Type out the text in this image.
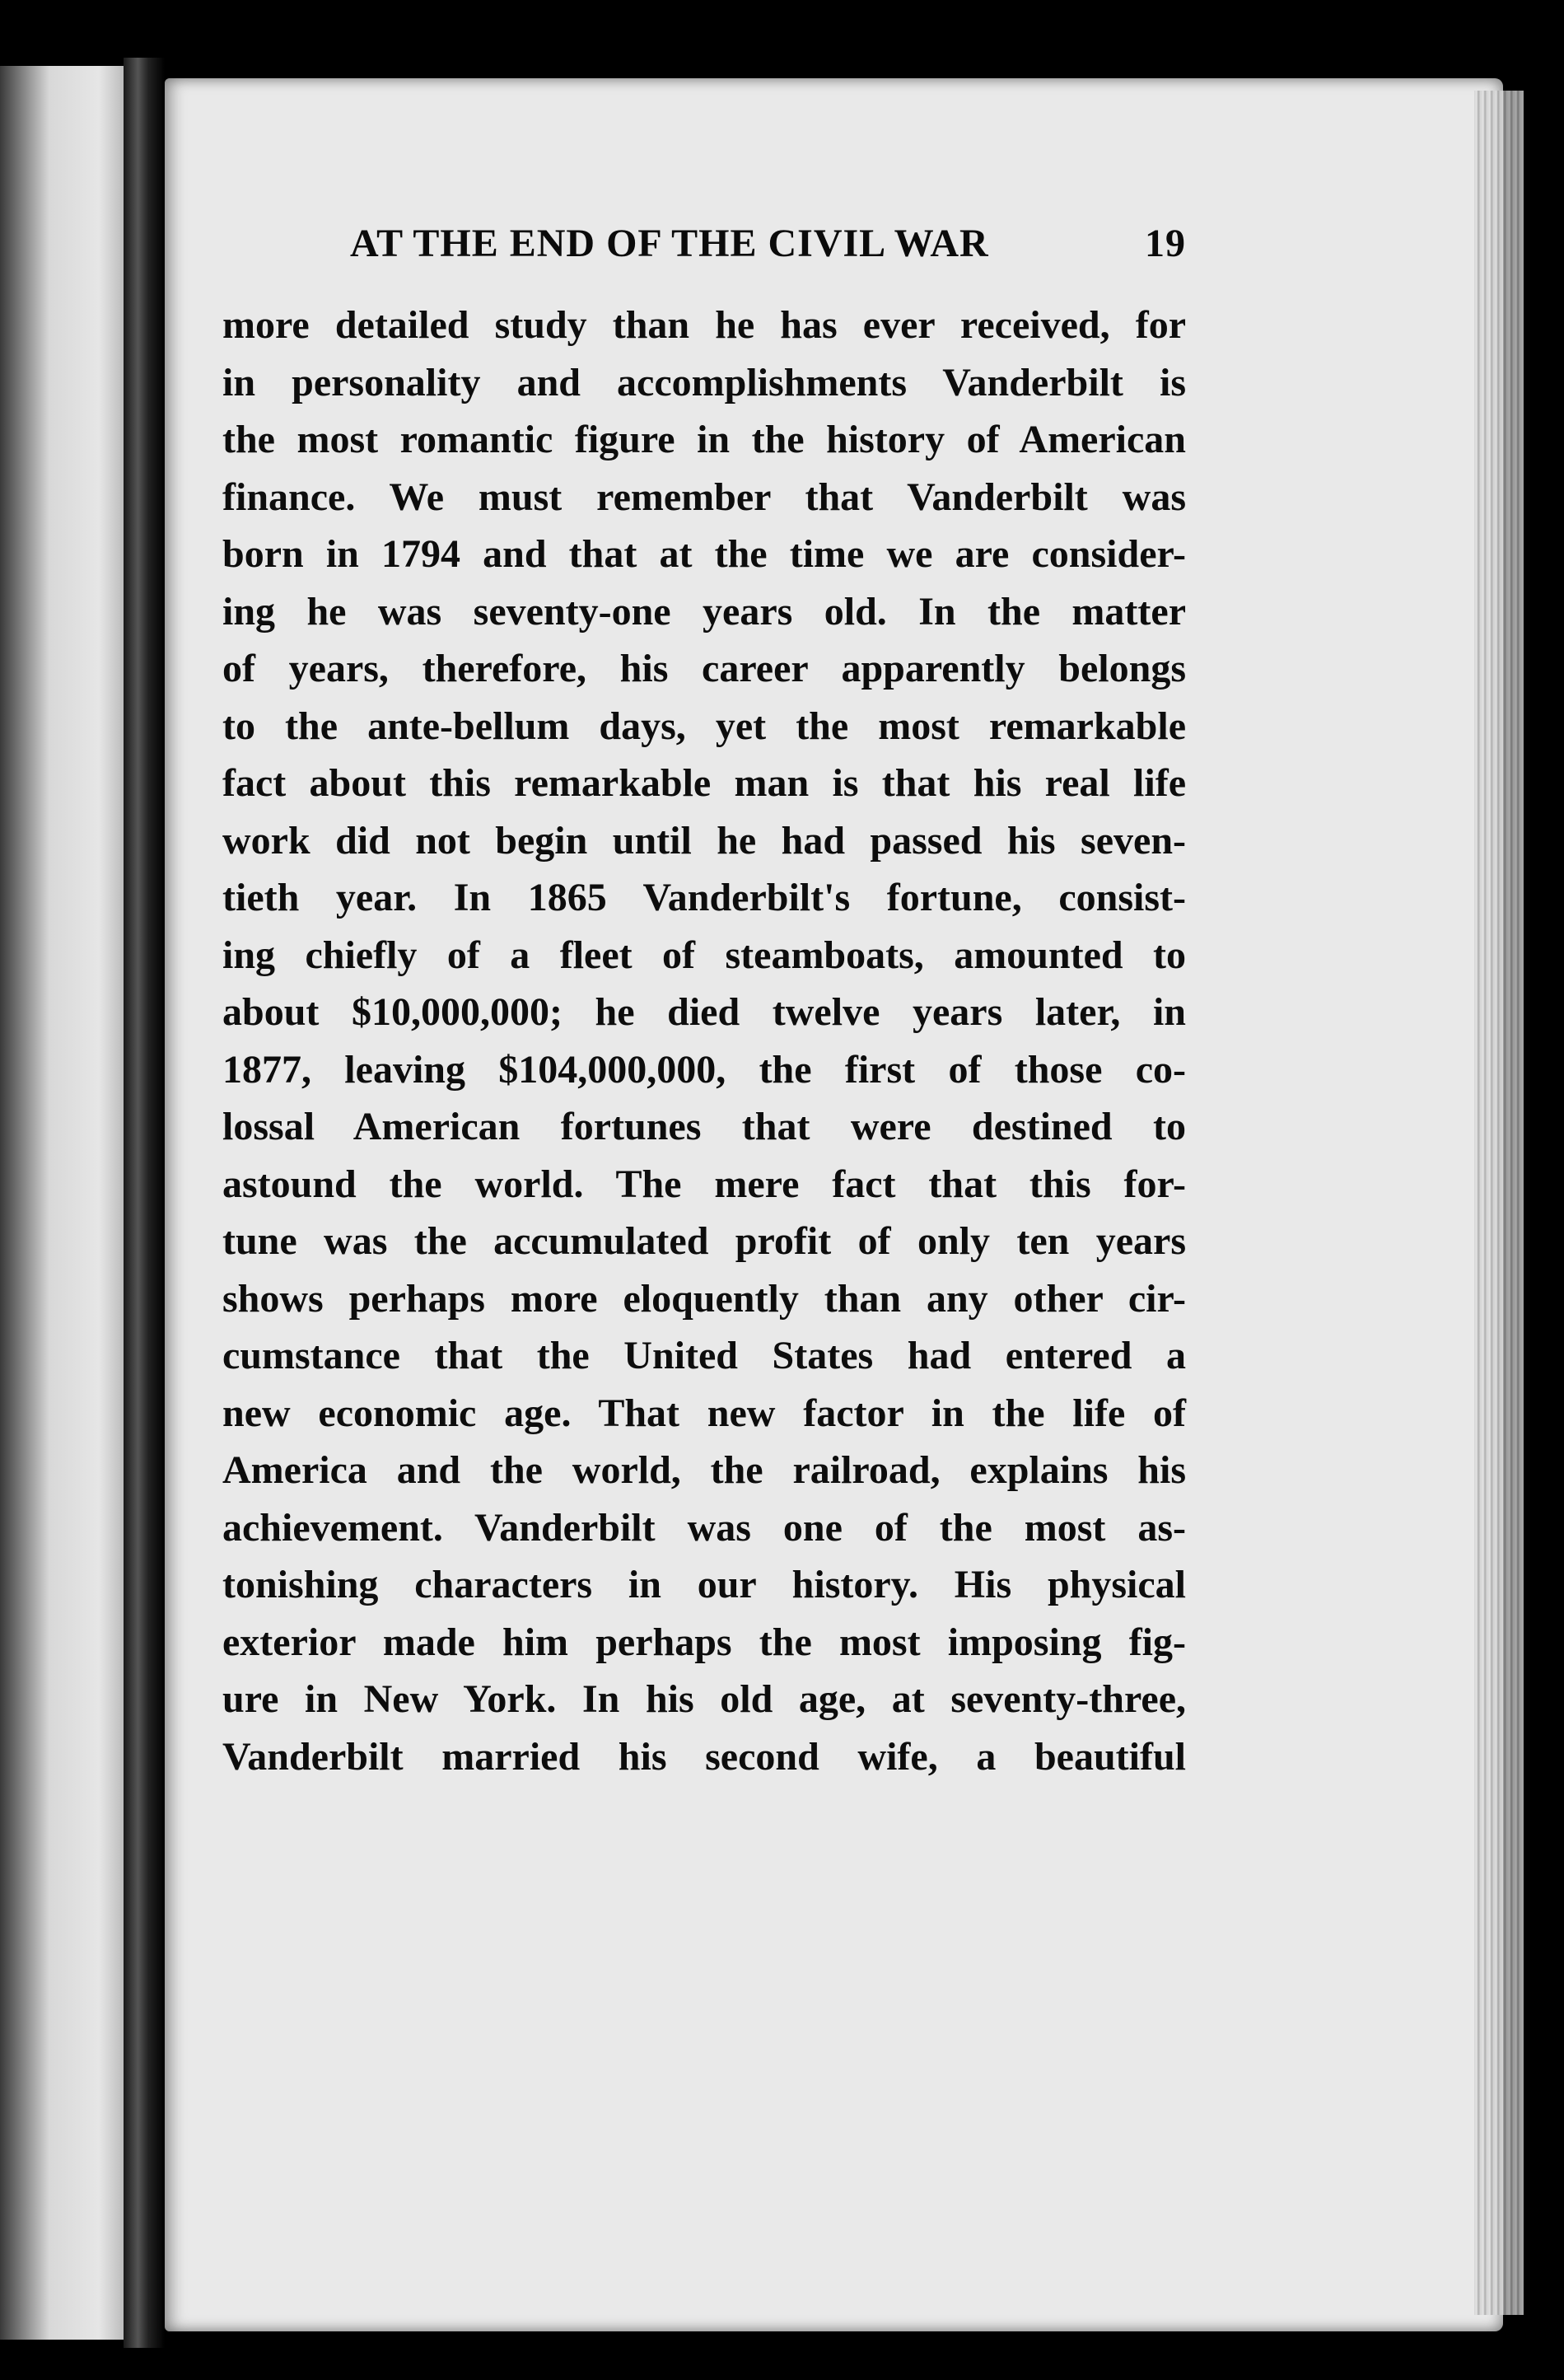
AT THE END OF THE CIVIL WAR	19
more detailed study than he has ever received, for
in personality and accomplishments Vanderbilt is
the most romantic figure in the history of American
finance. We must remember that Vanderbilt was
born in 1794 and that at the time we are consider-
ing he was seventy-one years old. In the matter
of years, therefore, his career apparently belongs
to the ante-bellum days, yet the most remarkable
fact about this remarkable man is that his real life
work did not begin until he had passed his seven-
tieth year. In 1865 Vanderbilt's fortune, consist-
ing chiefly of a fleet of steamboats, amounted to
about $10,000,000; he died twelve years later, in
1877, leaving $104,000,000, the first of those co-
lossal American fortunes that were destined to
astound the world. The mere fact that this for-
tune was the accumulated profit of only ten years
shows perhaps more eloquently than any other cir-
cumstance that the United States had entered a
new economic age. That new factor in the life of
America and the world, the railroad, explains his
achievement. Vanderbilt was one of the most as-
tonishing characters in our history. His physical
exterior made him perhaps the most imposing fig-
ure in New York. In his old age, at seventy-three,
Vanderbilt married his second wife, a beautiful
